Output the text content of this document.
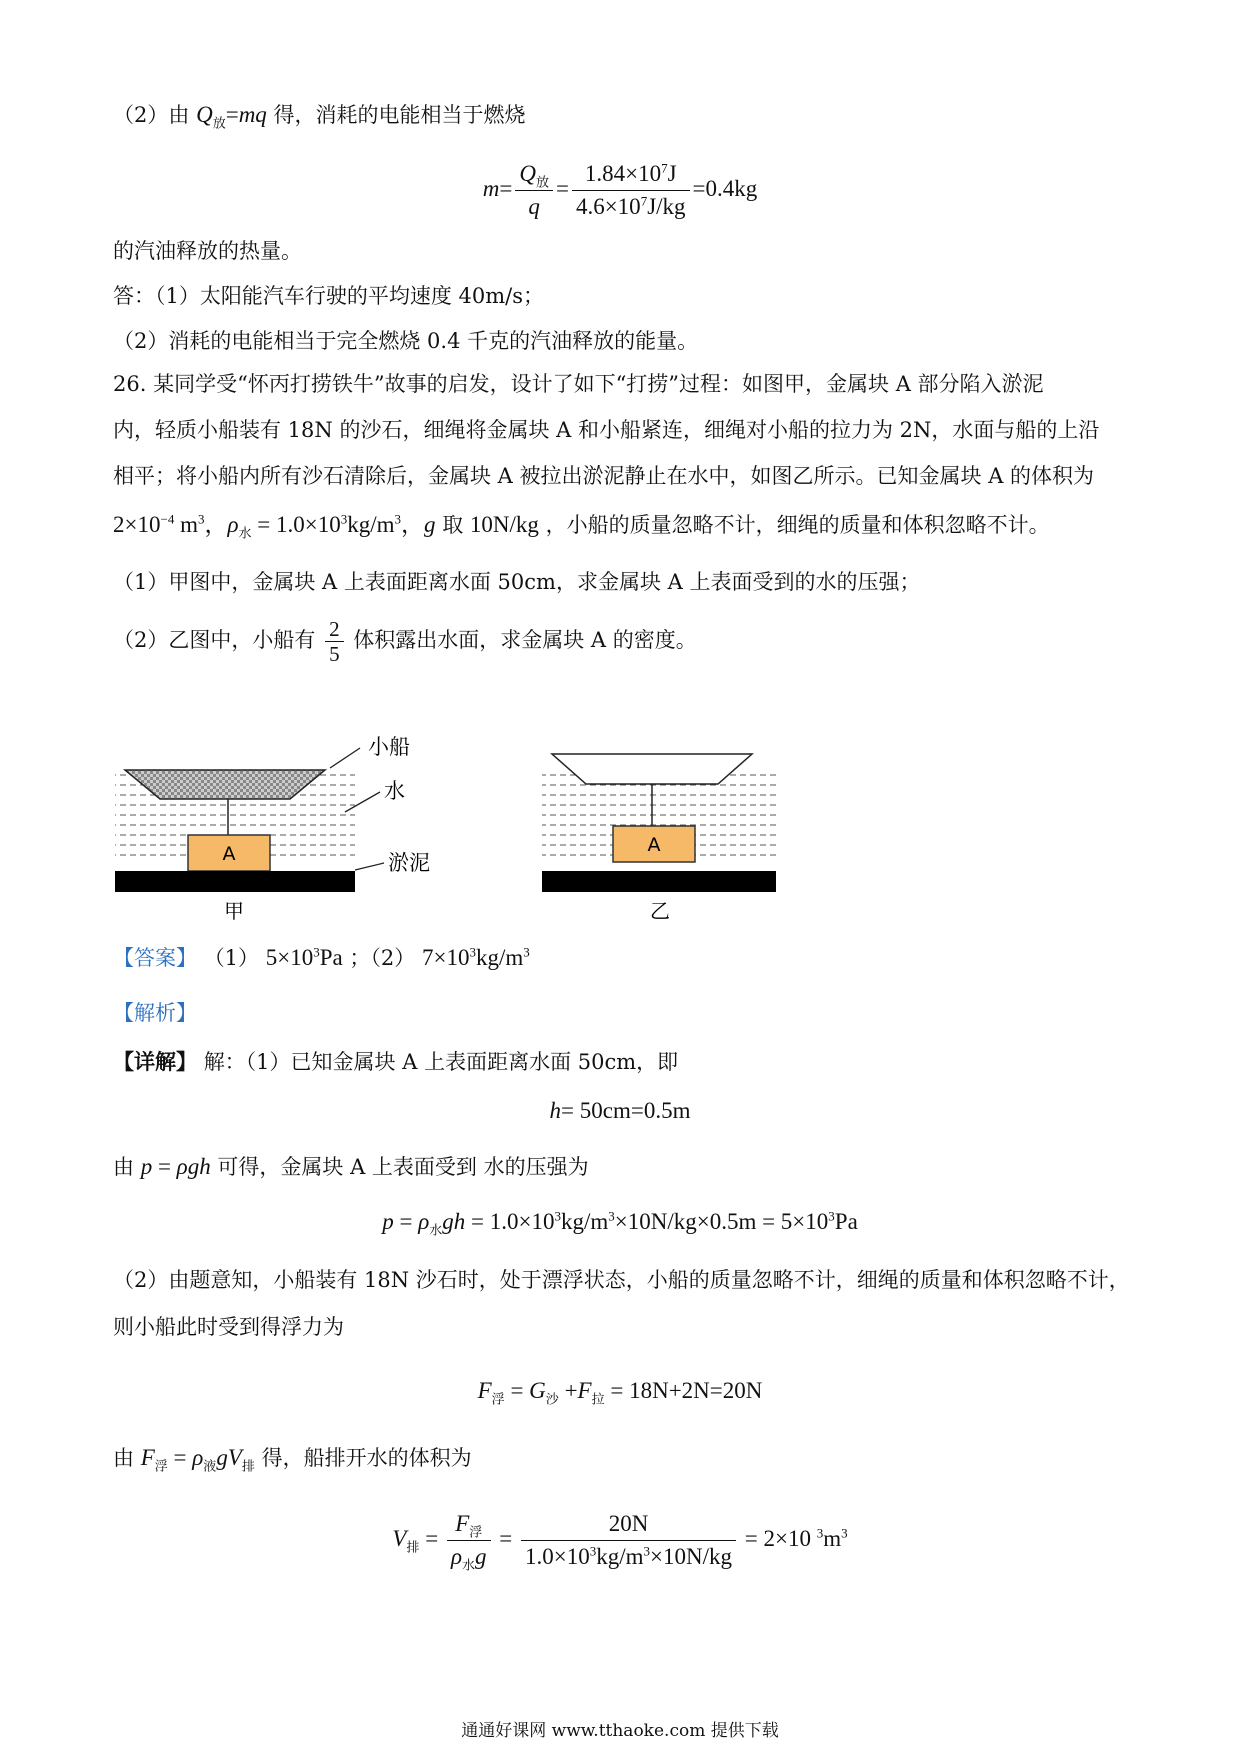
（2）由 $Q_放=mq$ 得，消耗的电能相当于燃烧
$m= \frac{Q_放}{q} = \frac{1.84\times 10^7J}{4.6\times 10^7J/kg} =0.4kg$
的汽油释放的热量。
答：（1）太阳能汽车行驶的平均速度 40m/s；
（2）消耗的电能相当于完全燃烧 0.4 千克的汽油释放的能量。
26. 某同学受“怀丙打捞铁牛”故事的启发，设计了如下“打捞”过程：如图甲，金属块 A 部分陷入淤泥
内，轻质小船装有 18N 的沙石，细绳将金属块 A 和小船紧连，细绳对小船的拉力为 2N，水面与船的上沿
相平；将小船内所有沙石清除后，金属块 A 被拉出淤泥静止在水中，如图乙所示。已知金属块 A 的体积为
$2\times 10^{-4}$ $m^3$，$\rho_水 = 1.0\times 10^3kg/m^3$，g 取 10N/kg ，小船的质量忽略不计，细绳的质量和体积忽略不计。
（1）甲图中，金属块 A 上表面距离水面 50cm，求金属块 A 上表面受到的水的压强；
（2）乙图中，小船有 $\frac{2}{5}$ 体积露出水面，求金属块 A 的密度。
A
小船
水
淤泥
甲
A
乙
【答案】 （1） $5\times 10^3Pa$ ；（2） $7\times 10^3kg/m^3$
【解析】
【详解】 解：（1）已知金属块 A 上表面距离水面 50cm，即
h= 50cm=0.5m
由 p = ρgh 可得，金属块 A 上表面受到 水的压强为
$p = \rho_水gh = 1.0\times 10^3kg/m^3\times 10N/kg\times 0.5m = 5\times 10^3Pa$
（2）由题意知，小船装有 18N 沙石时，处于漂浮状态，小船的质量忽略不计，细绳的质量和体积忽略不计，
则小船此时受到得浮力为
$F_浮 = G_沙 +F_拉 = 18N+2N=20N$
由 $F_浮 = \rho_液gV_排$ 得，船排开水的体积为
$V_排 = \frac{F_浮}{\rho_水g} = \frac{20N}{1.0\times 10^3kg/m^3\times 10N/kg} = 2\times 10$ $^3m^3$
通通好课网 www.tthaoke.com 提供下载
